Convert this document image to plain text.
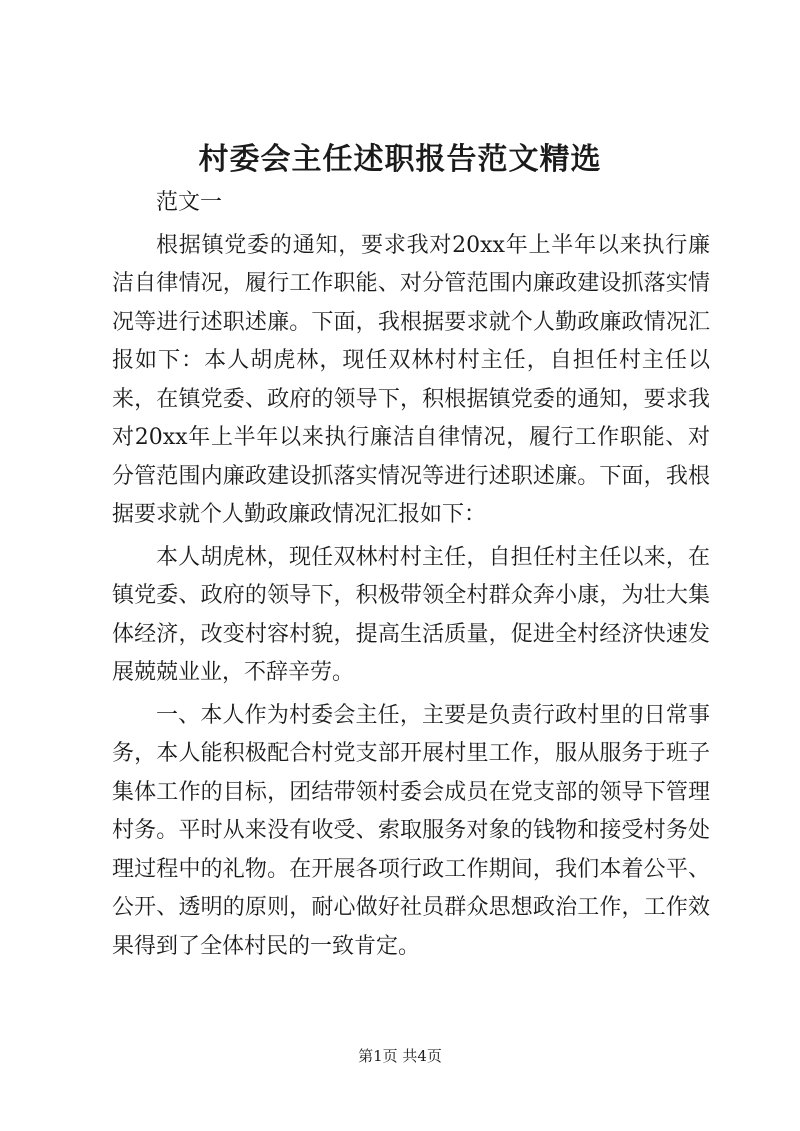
村委会主任述职报告范文精选

范文一

根据镇党委的通知，要求我对20xx年上半年以来执行廉洁自律情况，履行工作职能、对分管范围内廉政建设抓落实情况等进行述职述廉。下面，我根据要求就个人勤政廉政情况汇报如下：本人胡虎林，现任双林村村主任，自担任村主任以来，在镇党委、政府的领导下，积根据镇党委的通知，要求我对20xx年上半年以来执行廉洁自律情况，履行工作职能、对分管范围内廉政建设抓落实情况等进行述职述廉。下面，我根据要求就个人勤政廉政情况汇报如下：

本人胡虎林，现任双林村村主任，自担任村主任以来，在镇党委、政府的领导下，积极带领全村群众奔小康，为壮大集体经济，改变村容村貌，提高生活质量，促进全村经济快速发展兢兢业业，不辞辛劳。

一、本人作为村委会主任，主要是负责行政村里的日常事务，本人能积极配合村党支部开展村里工作，服从服务于班子集体工作的目标，团结带领村委会成员在党支部的领导下管理村务。平时从来没有收受、索取服务对象的钱物和接受村务处理过程中的礼物。在开展各项行政工作期间，我们本着公平、公开、透明的原则，耐心做好社员群众思想政治工作，工作效果得到了全体村民的一致肯定。

第1页 共4页
